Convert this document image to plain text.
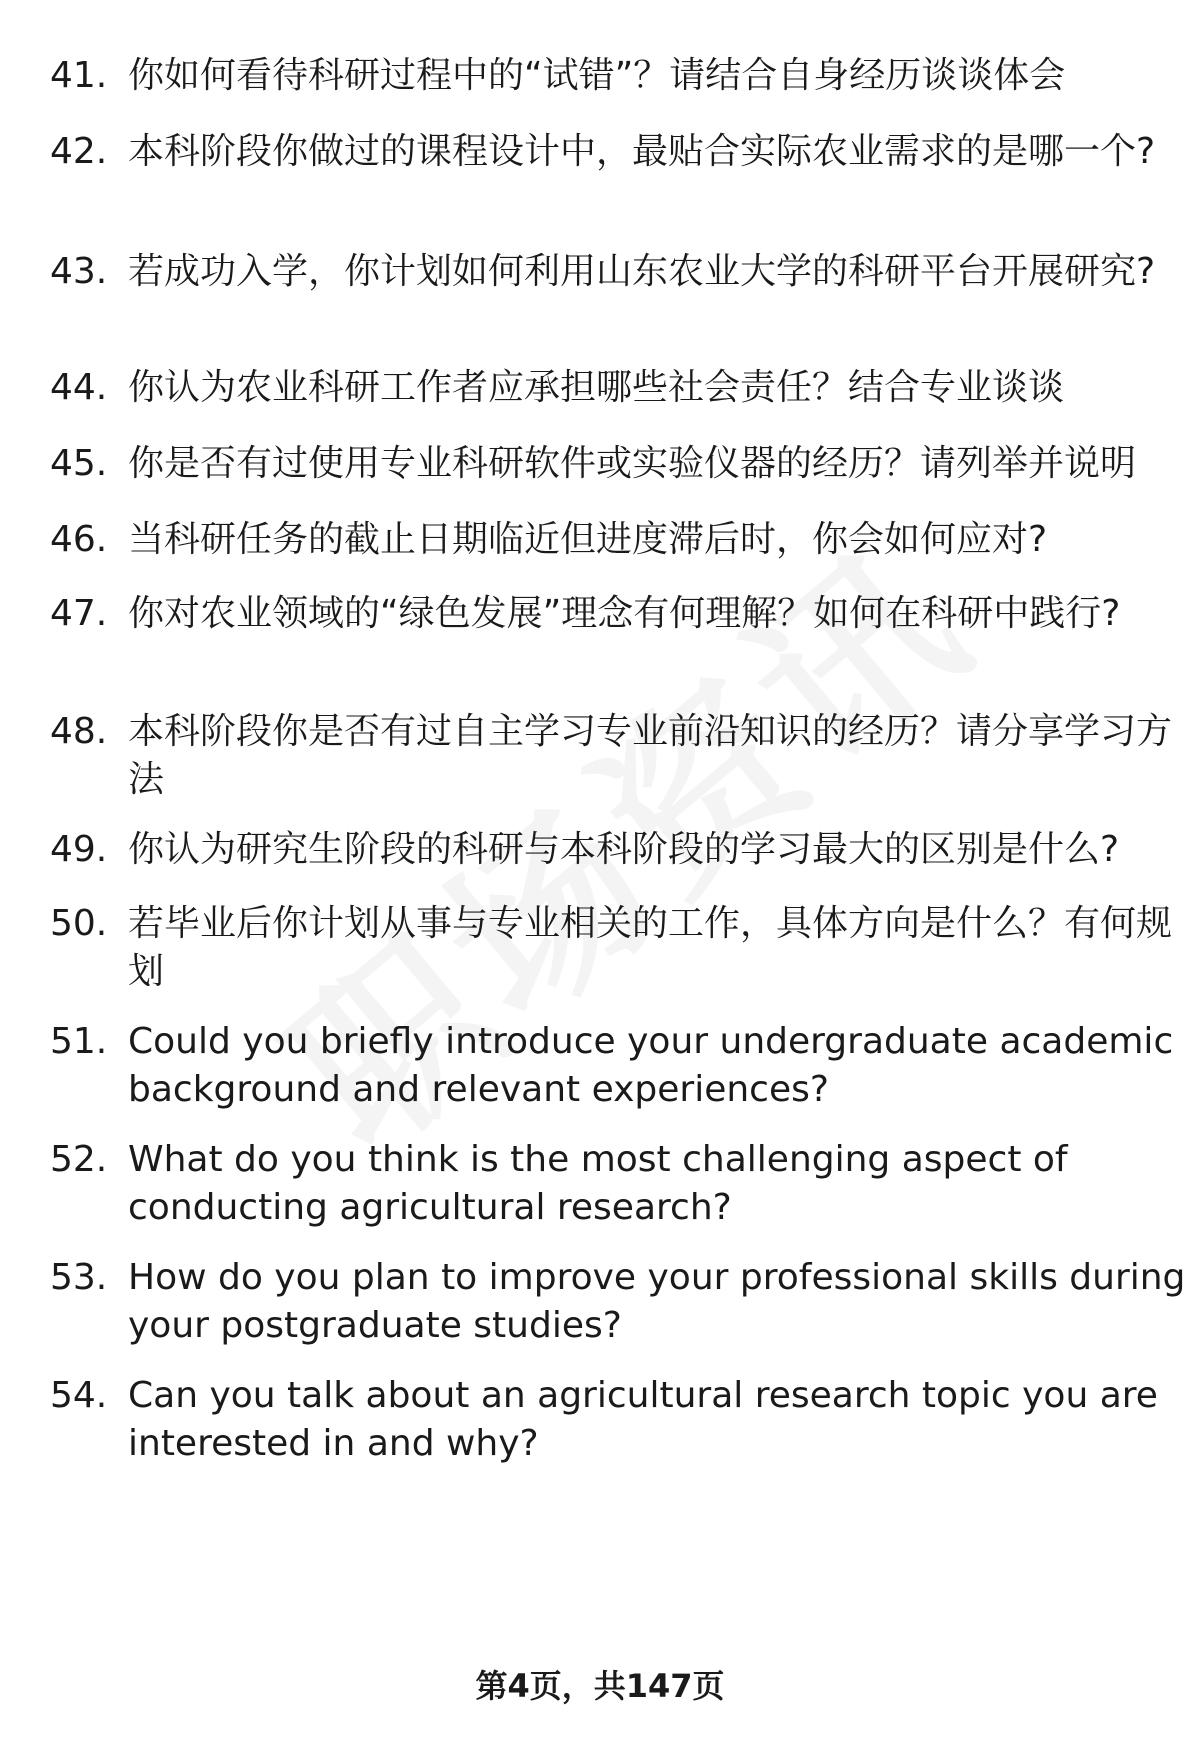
41. 你如何看待科研过程中的“试错”？请结合自身经历谈谈体会
42. 本科阶段你做过的课程设计中，最贴合实际农业需求的是哪一个?
43. 若成功入学，你计划如何利用山东农业大学的科研平台开展研究?
44. 你认为农业科研工作者应承担哪些社会责任？结合专业谈谈
45. 你是否有过使用专业科研软件或实验仪器的经历？请列举并说明
46. 当科研任务的截止日期临近但进度滞后时，你会如何应对?
47. 你对农业领域的“绿色发展”理念有何理解？如何在科研中践行?
48. 本科阶段你是否有过自主学习专业前沿知识的经历？请分享学习方法
49. 你认为研究生阶段的科研与本科阶段的学习最大的区别是什么?
50. 若毕业后你计划从事与专业相关的工作，具体方向是什么？有何规划
51. Could you briefly introduce your undergraduate academic background and relevant experiences?
52. What do you think is the most challenging aspect of conducting agricultural research?
53. How do you plan to improve your professional skills during your postgraduate studies?
54. Can you talk about an agricultural research topic you are interested in and why?
第4页，共147页
